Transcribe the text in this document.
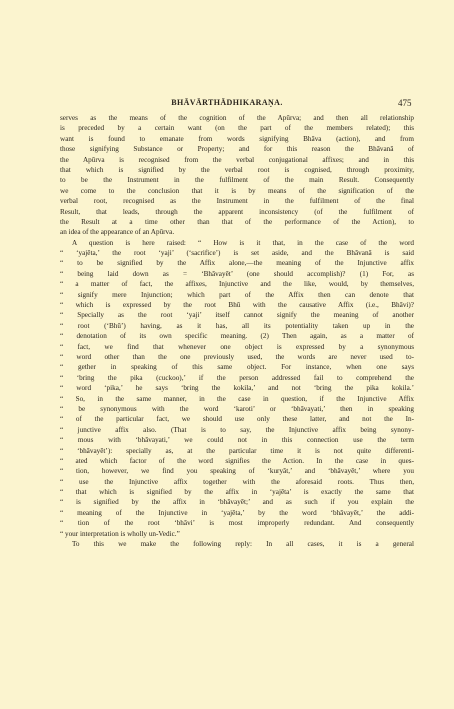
BHĀVĀRTHĀDHIKARAṆA.	475
serves as the means of the cognition of the Apūrva; and then all relationship
is preceded by a certain want (on the part of the members related); this
want is found to emanate from words signifying Bhāva (action), and from
those signifying Substance or Property; and for this reason the Bhāvanā of
the Apūrva is recognised from the verbal conjugational affixes; and in this
that which is signified by the verbal root is cognised, through proximity,
to be the Instrument in the fulfilment of the main Result. Consequently
we come to the conclusion that it is by means of the signification of the
verbal root, recognised as the Instrument in the fulfilment of the final
Result, that leads, through the apparent inconsistency (of the fulfilment of
the Result at a time other than that of the performance of the Action), to
an idea of the appearance of an Apūrva.
A question is here raised: “ How is it that, in the case of the word
“ ‘yajēta,’ the root ‘yaji’ (‘sacrifice’) is set aside, and the Bhāvanā is said
“ to be signified by the Affix alone,—the meaning of the Injunctive affix
“ being laid down as = ‘Bhāvayēt’ (one should accomplish)? (1) For, as
“ a matter of fact, the affixes, Injunctive and the like, would, by themselves,
“ signify mere Injunction; which part of the Affix then can denote that
“ which is expressed by the root Bhū with the causative Affix (i.e., Bhāvi)?
“ Specially as the root ‘yaji’ itself cannot signify the meaning of another
“ root (‘Bhū’) having, as it has, all its potentiality taken up in the
“ denotation of its own specific meaning. (2) Then again, as a matter of
“ fact, we find that whenever one object is expressed by a synonymous
“ word other than the one previously used, the words are never used to-
“ gether in speaking of this same object. For instance, when one says
“ ‘bring the pika (cuckoo),’ if the person addressed fail to comprehend the
“ word ‘pika,’ he says ‘bring the kokila,’ and not ‘bring the pika kokila.’
“ So, in the same manner, in the case in question, if the Injunctive Affix
“ be synonymous with the word ‘karoti’ or ‘bhāvayati,’ then in speaking
“ of the particular fact, we should use only these latter, and not the In-
“ junctive affix also. (That is to say, the Injunctive affix being synony-
“ mous with ‘bhāvayati,’ we could not in this connection use the term
“ ‘bhāvayēt’): specially as, at the particular time it is not quite differenti-
“ ated which factor of the word signifies the Action. In the case in ques-
“ tion, however, we find you speaking of ‘kuryāt,’ and ‘bhāvayēt,’ where you
“ use the Injunctive affix together with the aforesaid roots. Thus then,
“ that which is signified by the affix in ‘yajēta’ is exactly the same that
“ is signified by the affix in ‘bhāvayēt;’ and as such if you explain the
“ meaning of the Injunctive in ‘yajēta,’ by the word ‘bhāvayēt,’ the addi-
“ tion of the root ‘bhāvi’ is most improperly redundant. And consequently
“ your interpretation is wholly un-Vedic.”
To this we make the following reply: In all cases, it is a general
